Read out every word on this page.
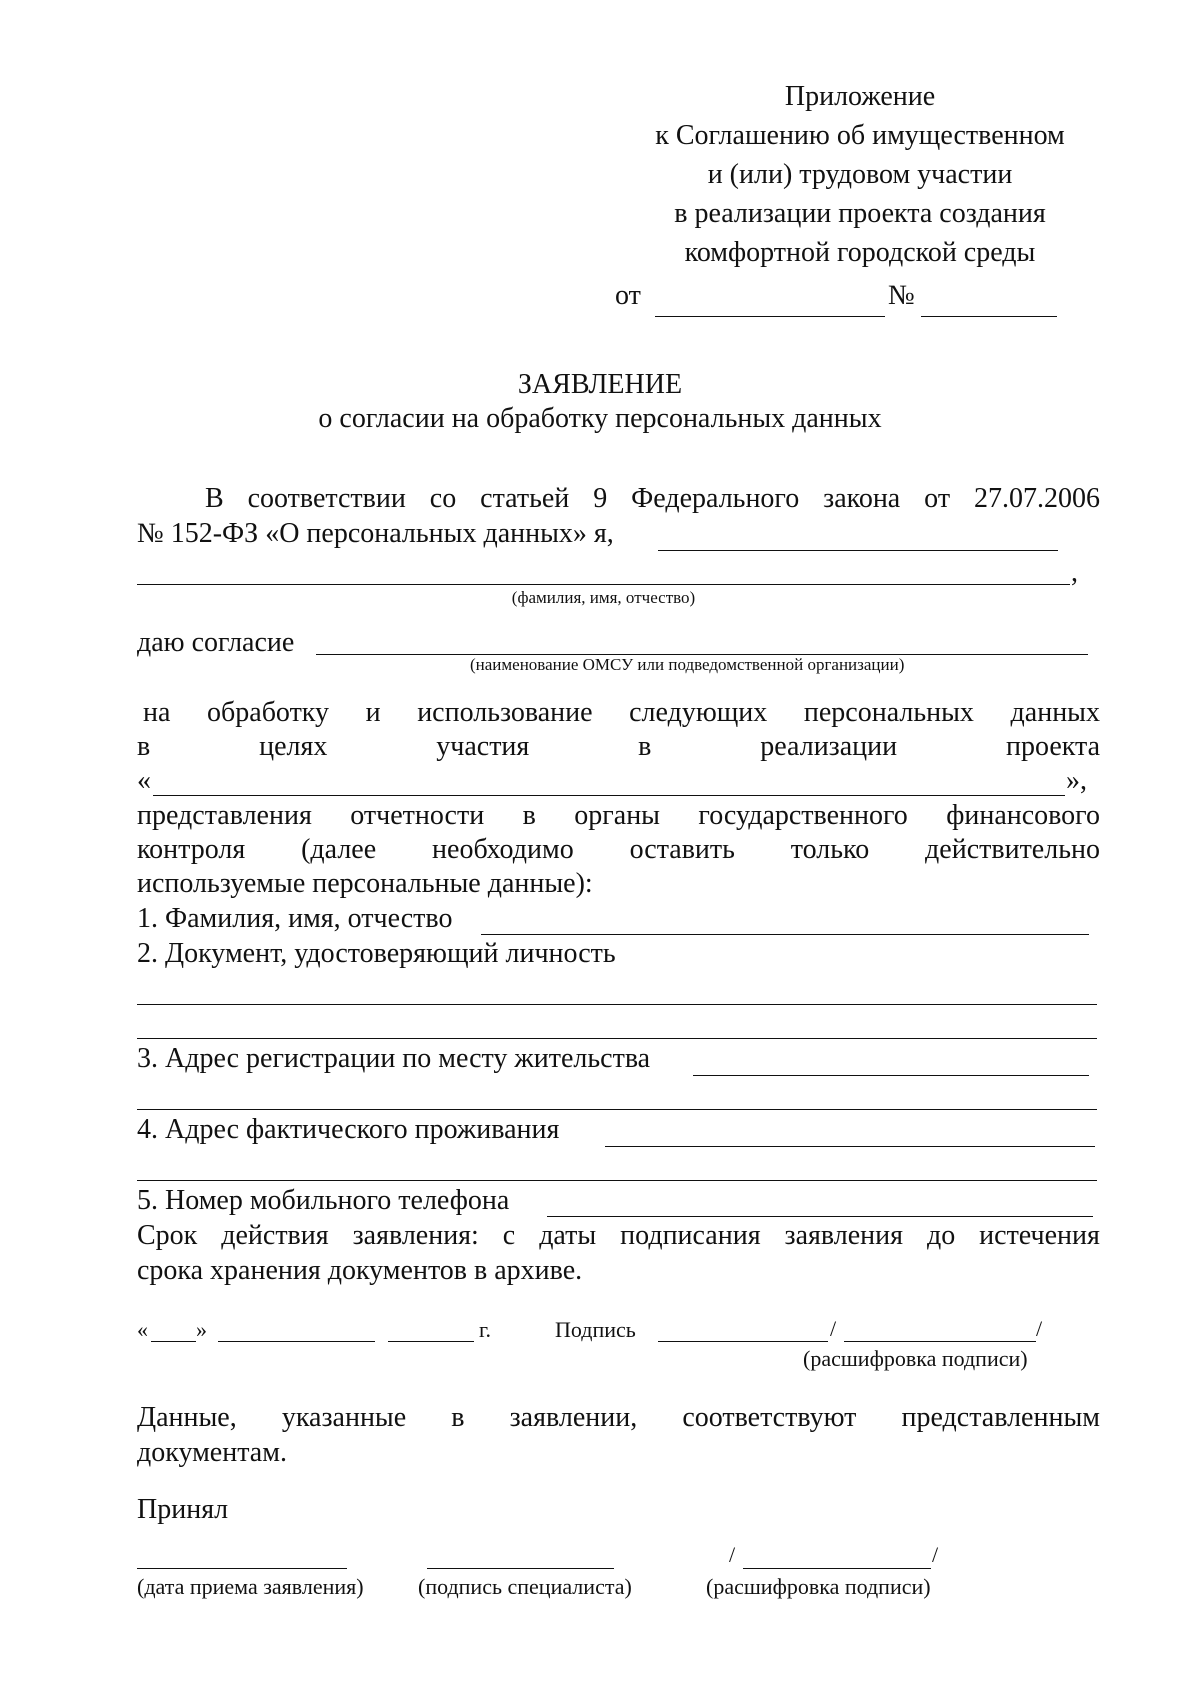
Приложение
к Соглашению об имущественном
и (или) трудовом участии
в реализации проекта создания
комфортной городской среды
от	№
ЗАЯВЛЕНИЕ
о согласии на обработку персональных данных
В соответствии со статьей 9 Федерального закона от 27.07.2006
№ 152-ФЗ «О персональных данных» я,
,
(фамилия, имя, отчество)
даю согласие
(наименование ОМСУ или подведомственной организации)
на обработку и использование следующих персональных данных
в	целях	участия	в	реализации	проекта
«	»,
представления отчетности в органы государственного финансового
контроля (далее необходимо оставить только действительно
используемые персональные данные):
1. Фамилия, имя, отчество
2. Документ, удостоверяющий личность
3. Адрес регистрации по месту жительства
4. Адрес фактического проживания
5. Номер мобильного телефона
Срок действия заявления: с даты подписания заявления до истечения
срока хранения документов в архиве.
« »	г.	Подпись	/	/
(расшифровка подписи)
Данные, указанные в заявлении, соответствуют представленным
документам.
Принял
/	/
(дата приема заявления) (подпись специалиста)	(расшифровка подписи)
